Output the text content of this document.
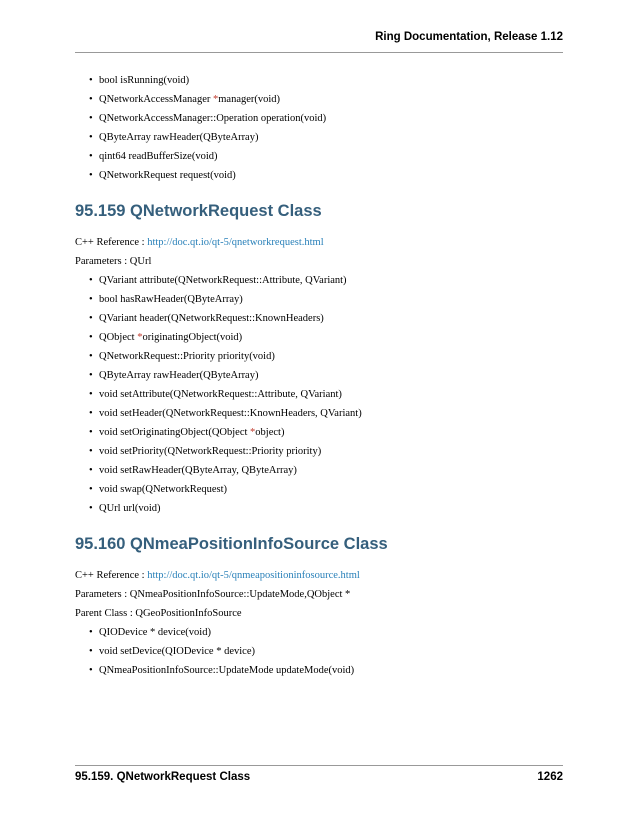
Ring Documentation, Release 1.12
• bool isRunning(void)
• QNetworkAccessManager *manager(void)
• QNetworkAccessManager::Operation operation(void)
• QByteArray rawHeader(QByteArray)
• qint64 readBufferSize(void)
• QNetworkRequest request(void)
95.159 QNetworkRequest Class

C++ Reference : http://doc.qt.io/qt-5/qnetworkrequest.html

Parameters : QUrl

• QVariant attribute(QNetworkRequest::Attribute, QVariant)
• bool hasRawHeader(QByteArray)
• QVariant header(QNetworkRequest::KnownHeaders)
• QObject *originatingObject(void)
• QNetworkRequest::Priority priority(void)
• QByteArray rawHeader(QByteArray)
• void setAttribute(QNetworkRequest::Attribute, QVariant)
• void setHeader(QNetworkRequest::KnownHeaders, QVariant)
• void setOriginatingObject(QObject *object)
• void setPriority(QNetworkRequest::Priority priority)
• void setRawHeader(QByteArray, QByteArray)
• void swap(QNetworkRequest)
• QUrl url(void)
95.160 QNmeaPositionInfoSource Class

C++ Reference : http://doc.qt.io/qt-5/qnmeapositioninfosource.html

Parameters : QNmeaPositionInfoSource::UpdateMode,QObject *

Parent Class : QGeoPositionInfoSource

• QIODevice * device(void)
• void setDevice(QIODevice * device)
• QNmeaPositionInfoSource::UpdateMode updateMode(void)
95.159. QNetworkRequest Class	1262
